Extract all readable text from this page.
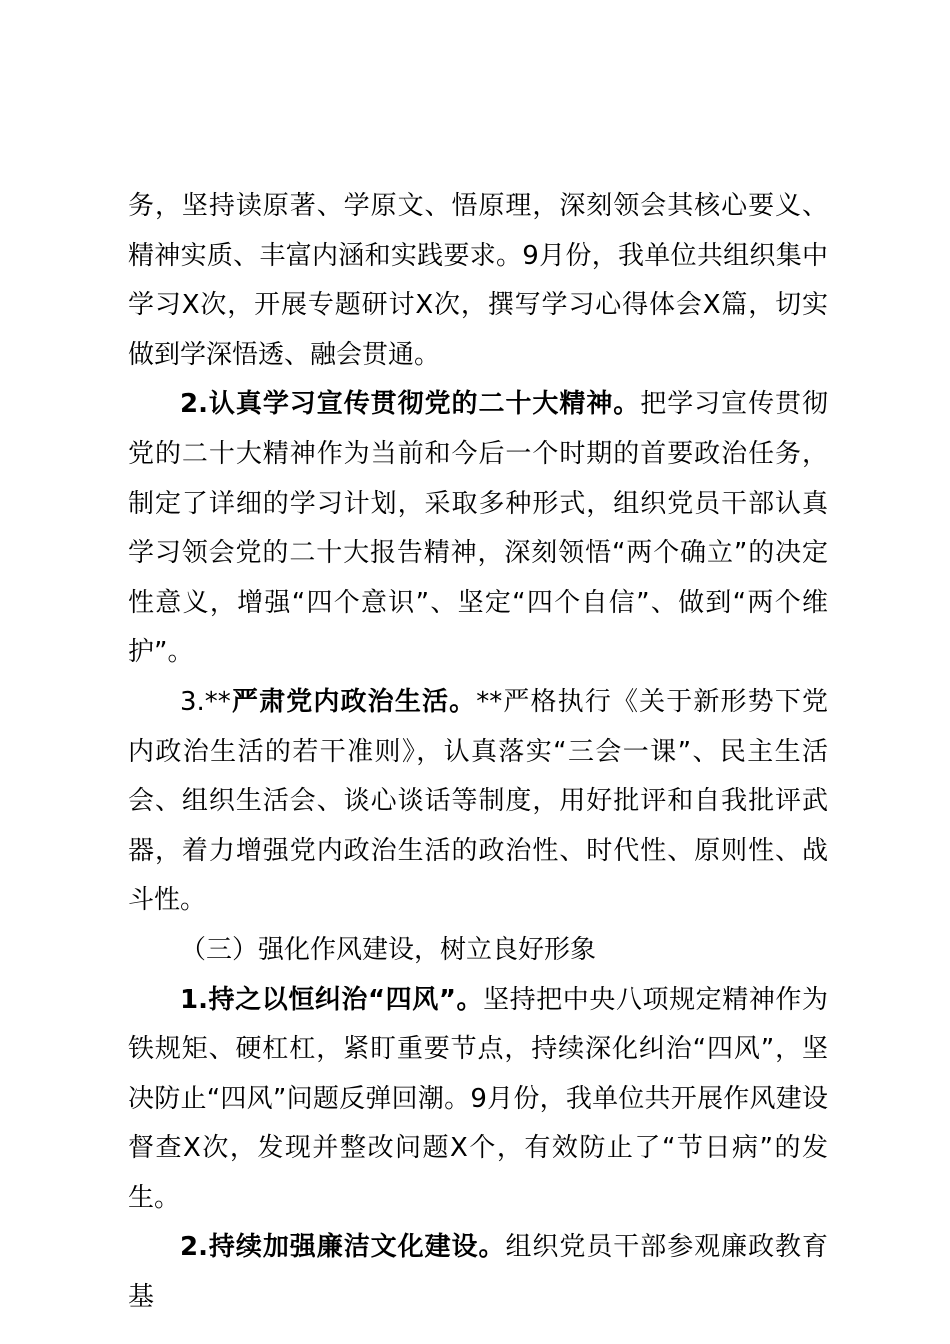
务，坚持读原著、学原文、悟原理，深刻领会其核心要义、精神实质、丰富内涵和实践要求。9月份，我单位共组织集中学习X次，开展专题研讨X次，撰写学习心得体会X篇，切实做到学深悟透、融会贯通。

2.认真学习宣传贯彻党的二十大精神。把学习宣传贯彻党的二十大精神作为当前和今后一个时期的首要政治任务，制定了详细的学习计划，采取多种形式，组织党员干部认真学习领会党的二十大报告精神，深刻领悟“两个确立”的决定性意义，增强“四个意识”、坚定“四个自信”、做到“两个维护”。

3.**严肃党内政治生活。**严格执行《关于新形势下党内政治生活的若干准则》，认真落实“三会一课”、民主生活会、组织生活会、谈心谈话等制度，用好批评和自我批评武器，着力增强党内政治生活的政治性、时代性、原则性、战斗性。

（三）强化作风建设，树立良好形象

1.持之以恒纠治“四风”。坚持把中央八项规定精神作为铁规矩、硬杠杠，紧盯重要节点，持续深化纠治“四风”，坚决防止“四风”问题反弹回潮。9月份，我单位共开展作风建设督查X次，发现并整改问题X个，有效防止了“节日病”的发生。

2.持续加强廉洁文化建设。组织党员干部参观廉政教育基
